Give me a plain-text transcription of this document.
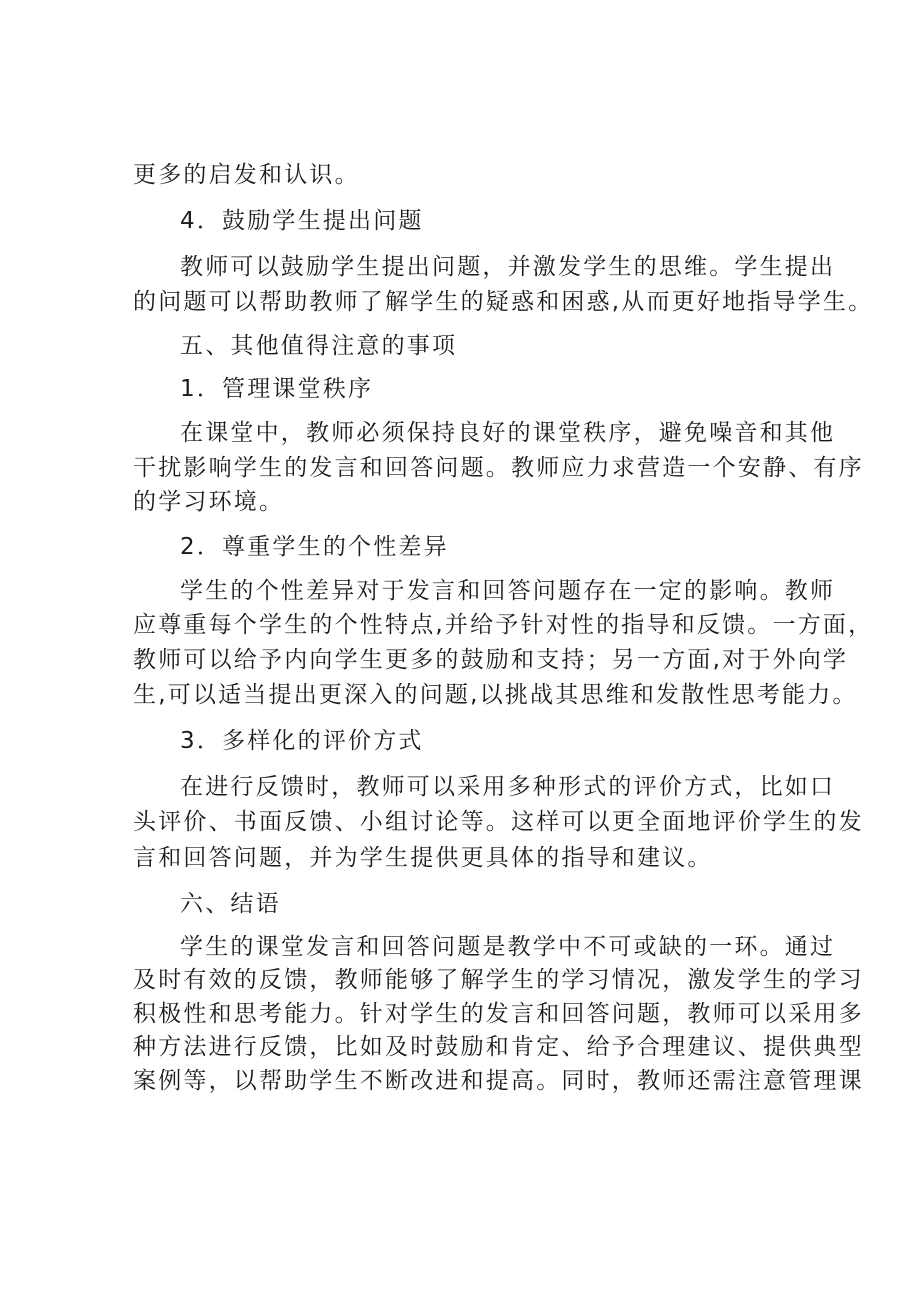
更多的启发和认识。
4．鼓励学生提出问题
教师可以鼓励学生提出问题，并激发学生的思维。学生提出
的问题可以帮助教师了解学生的疑惑和困惑,从而更好地指导学生。
五、其他值得注意的事项
1．管理课堂秩序
在课堂中，教师必须保持良好的课堂秩序，避免噪音和其他
干扰影响学生的发言和回答问题。教师应力求营造一个安静、有序
的学习环境。
2．尊重学生的个性差异
学生的个性差异对于发言和回答问题存在一定的影响。教师
应尊重每个学生的个性特点,并给予针对性的指导和反馈。一方面，
教师可以给予内向学生更多的鼓励和支持；另一方面,对于外向学
生,可以适当提出更深入的问题,以挑战其思维和发散性思考能力。
3．多样化的评价方式
在进行反馈时，教师可以采用多种形式的评价方式，比如口
头评价、书面反馈、小组讨论等。这样可以更全面地评价学生的发
言和回答问题，并为学生提供更具体的指导和建议。
六、结语
学生的课堂发言和回答问题是教学中不可或缺的一环。通过
及时有效的反馈，教师能够了解学生的学习情况，激发学生的学习
积极性和思考能力。针对学生的发言和回答问题，教师可以采用多
种方法进行反馈，比如及时鼓励和肯定、给予合理建议、提供典型
案例等，以帮助学生不断改进和提高。同时，教师还需注意管理课
